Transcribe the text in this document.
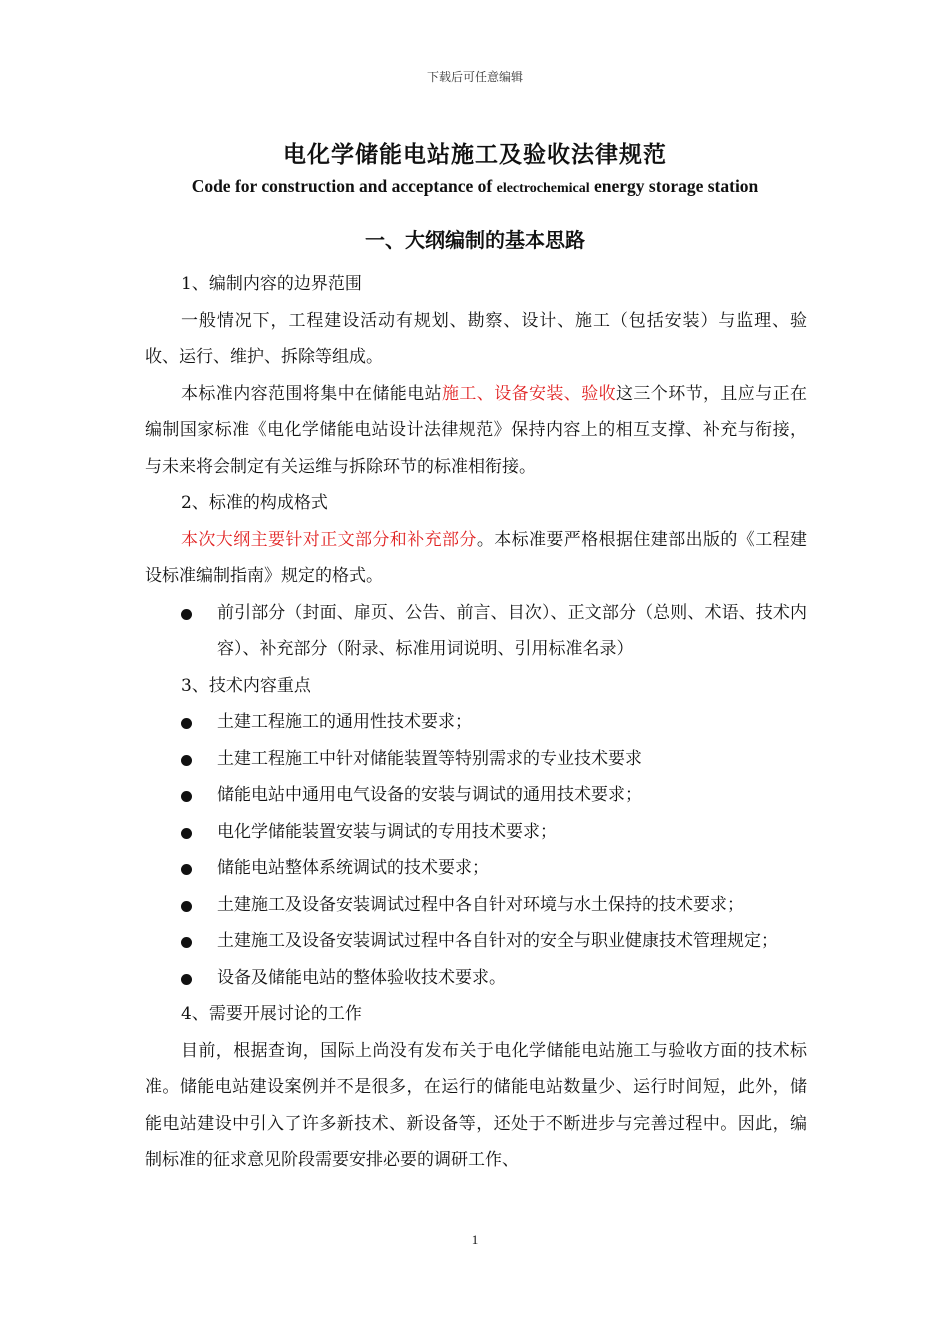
下载后可任意编辑
电化学储能电站施工及验收法律规范
Code for construction and acceptance of electrochemical energy storage station
一、大纲编制的基本思路

1、编制内容的边界范围

一般情况下，工程建设活动有规划、勘察、设计、施工（包括安装）与监理、验收、运行、维护、拆除等组成。

本标准内容范围将集中在储能电站施工、设备安装、验收这三个环节，且应与正在编制国家标准《电化学储能电站设计法律规范》保持内容上的相互支撑、补充与衔接，与未来将会制定有关运维与拆除环节的标准相衔接。

2、标准的构成格式

本次大纲主要针对正文部分和补充部分。本标准要严格根据住建部出版的《工程建设标准编制指南》规定的格式。

前引部分（封面、扉页、公告、前言、目次）、正文部分（总则、术语、技术内容）、补充部分（附录、标准用词说明、引用标准名录）

3、技术内容重点

土建工程施工的通用性技术要求；

土建工程施工中针对储能装置等特别需求的专业技术要求

储能电站中通用电气设备的安装与调试的通用技术要求；

电化学储能装置安装与调试的专用技术要求；

储能电站整体系统调试的技术要求；

土建施工及设备安装调试过程中各自针对环境与水土保持的技术要求；

土建施工及设备安装调试过程中各自针对的安全与职业健康技术管理规定；

设备及储能电站的整体验收技术要求。

4、需要开展讨论的工作

目前，根据查询，国际上尚没有发布关于电化学储能电站施工与验收方面的技术标准。储能电站建设案例并不是很多，在运行的储能电站数量少、运行时间短，此外，储能电站建设中引入了许多新技术、新设备等，还处于不断进步与完善过程中。因此，编制标准的征求意见阶段需要安排必要的调研工作、

1
